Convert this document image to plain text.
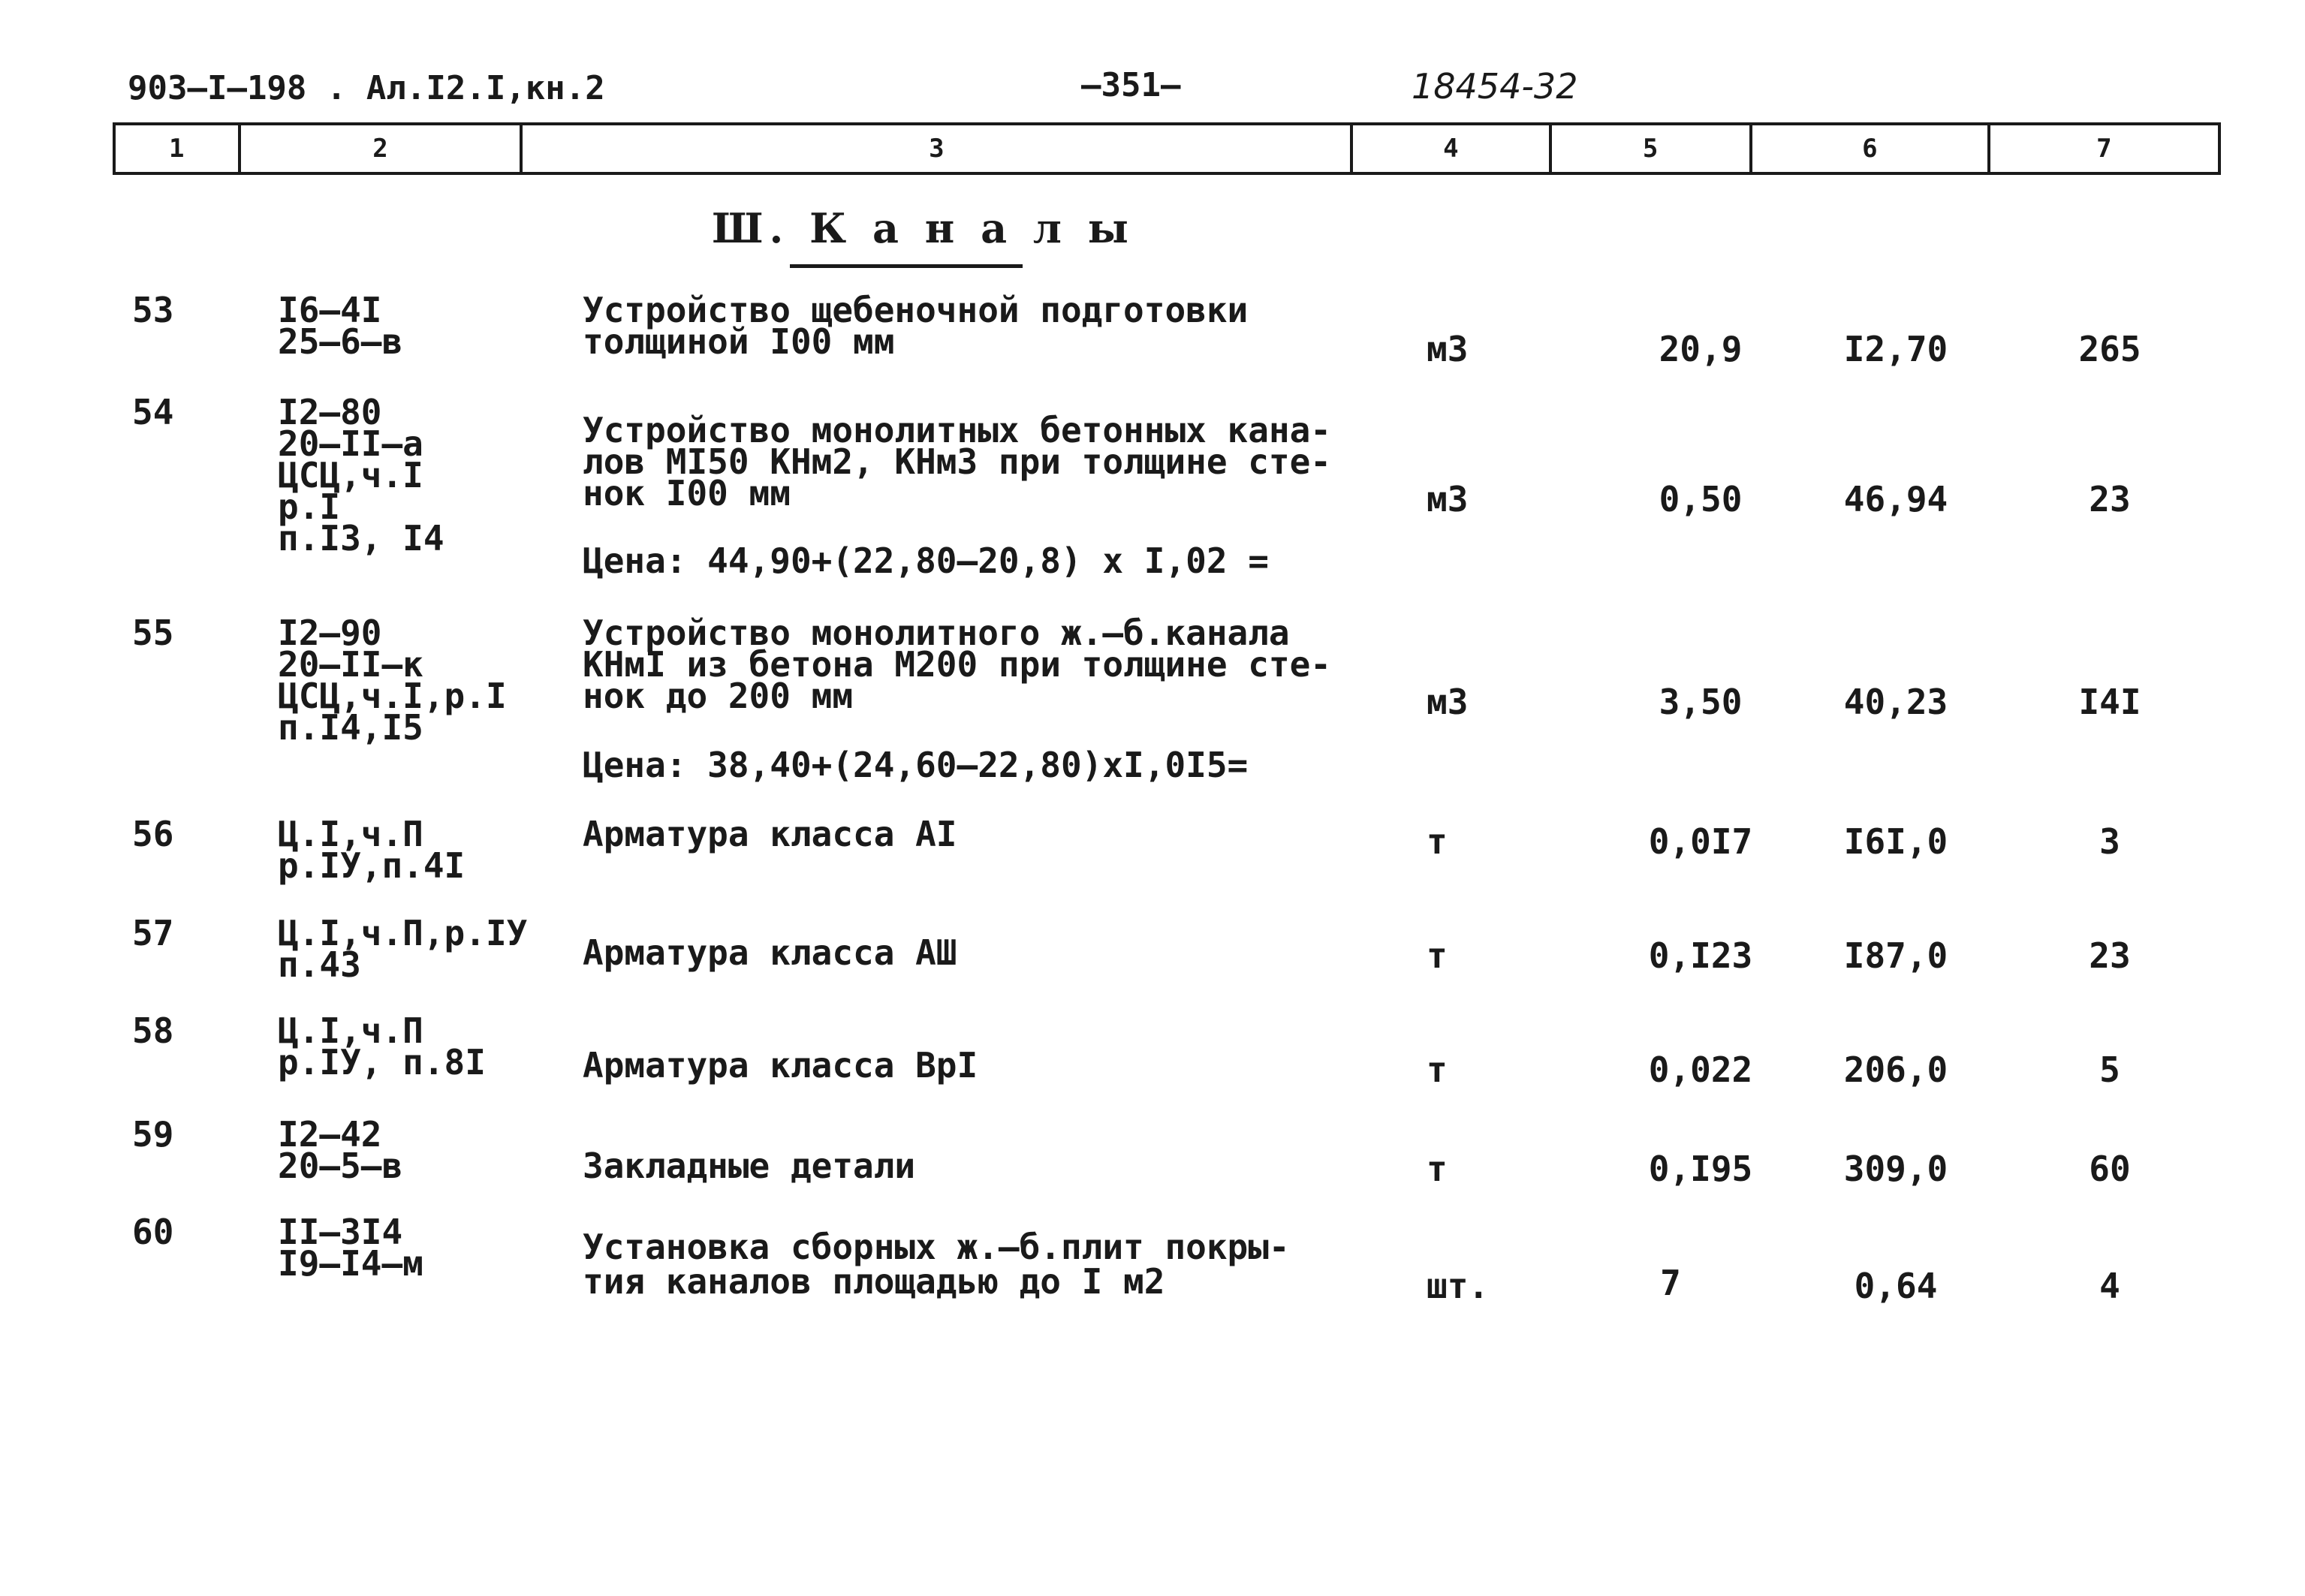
903–I–198 . Ал.I2.I,кн.2	—351—	18454-32
1	2	3	4	5	6	7
Ш. К а н а л ы
53	I6–4I
25–6–в
Устройство щебеночной подготовки
толщиной I00 мм	м3	20,9	I2,70	265
54	I2–80
20–II–а
ЦСЦ,ч.I
р.I
п.I3, I4
Устройство монолитных бетонных кана-
лов МI50 КНм2, КНм3 при толщине сте-
нок I00 мм
Цена: 44,90+(22,80–20,8) х I,02 =
м3	0,50	46,94	23
55	I2–90
20–II–к
ЦСЦ,ч.I,р.I
п.I4,I5
Устройство монолитного ж.–б.канала
КНмI из бетона М200 при толщине сте-
нок до 200 мм
Цена: 38,40+(24,60–22,80)хI,0I5=
м3	3,50	40,23	I4I
56	Ц.I,ч.П
р.IУ,п.4I
Арматура класса АI	т	0,0I7	I6I,0	3
57	Ц.I,ч.П,р.IУ
п.43	Арматура класса АШ	т	0,I23	I87,0	23
58	Ц.I,ч.П
р.IУ, п.8I	Арматура класса ВрI	т	0,022	206,0	5
59	I2–42
20–5–в	Закладные детали	т	0,I95	309,0	60
60	II–3I4
I9–I4–м	Установка сборных ж.–б.плит покры-
тия каналов площадью до I м2	шт.	7	0,64	4
